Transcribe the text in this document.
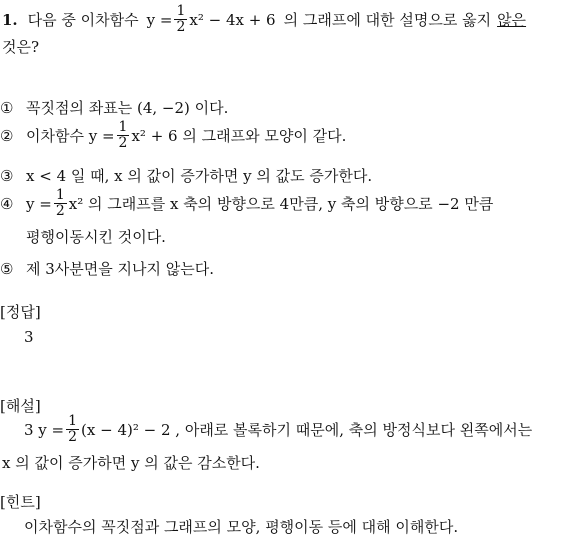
1. 다음 중 이차함수 $y = \frac{1}{2} x^2 - 4x + 6$ 의 그래프에 대한 설명으로 옳지 않은
것은?
① 꼭짓점의 좌표는 (4, −2) 이다.
② 이차함수 $y = \frac{1}{2} x^2 + 6$ 의 그래프와 모양이 같다.
③ x < 4 일 때, x 의 값이 증가하면 y 의 값도 증가한다.
④ $y = \frac{1}{2} x^2$ 의 그래프를 x 축의 방향으로 4만큼, y 축의 방향으로 −2 만큼
평행이동시킨 것이다.
⑤ 제 3사분면을 지나지 않는다.
[정답]
3
[해설]
3 $y = \frac{1}{2} (x - 4)^2 - 2$ , 아래로 볼록하기 때문에, 축의 방정식보다 왼쪽에서는
x 의 값이 증가하면 y 의 값은 감소한다.
[힌트]
이차함수의 꼭짓점과 그래프의 모양, 평행이동 등에 대해 이해한다.
